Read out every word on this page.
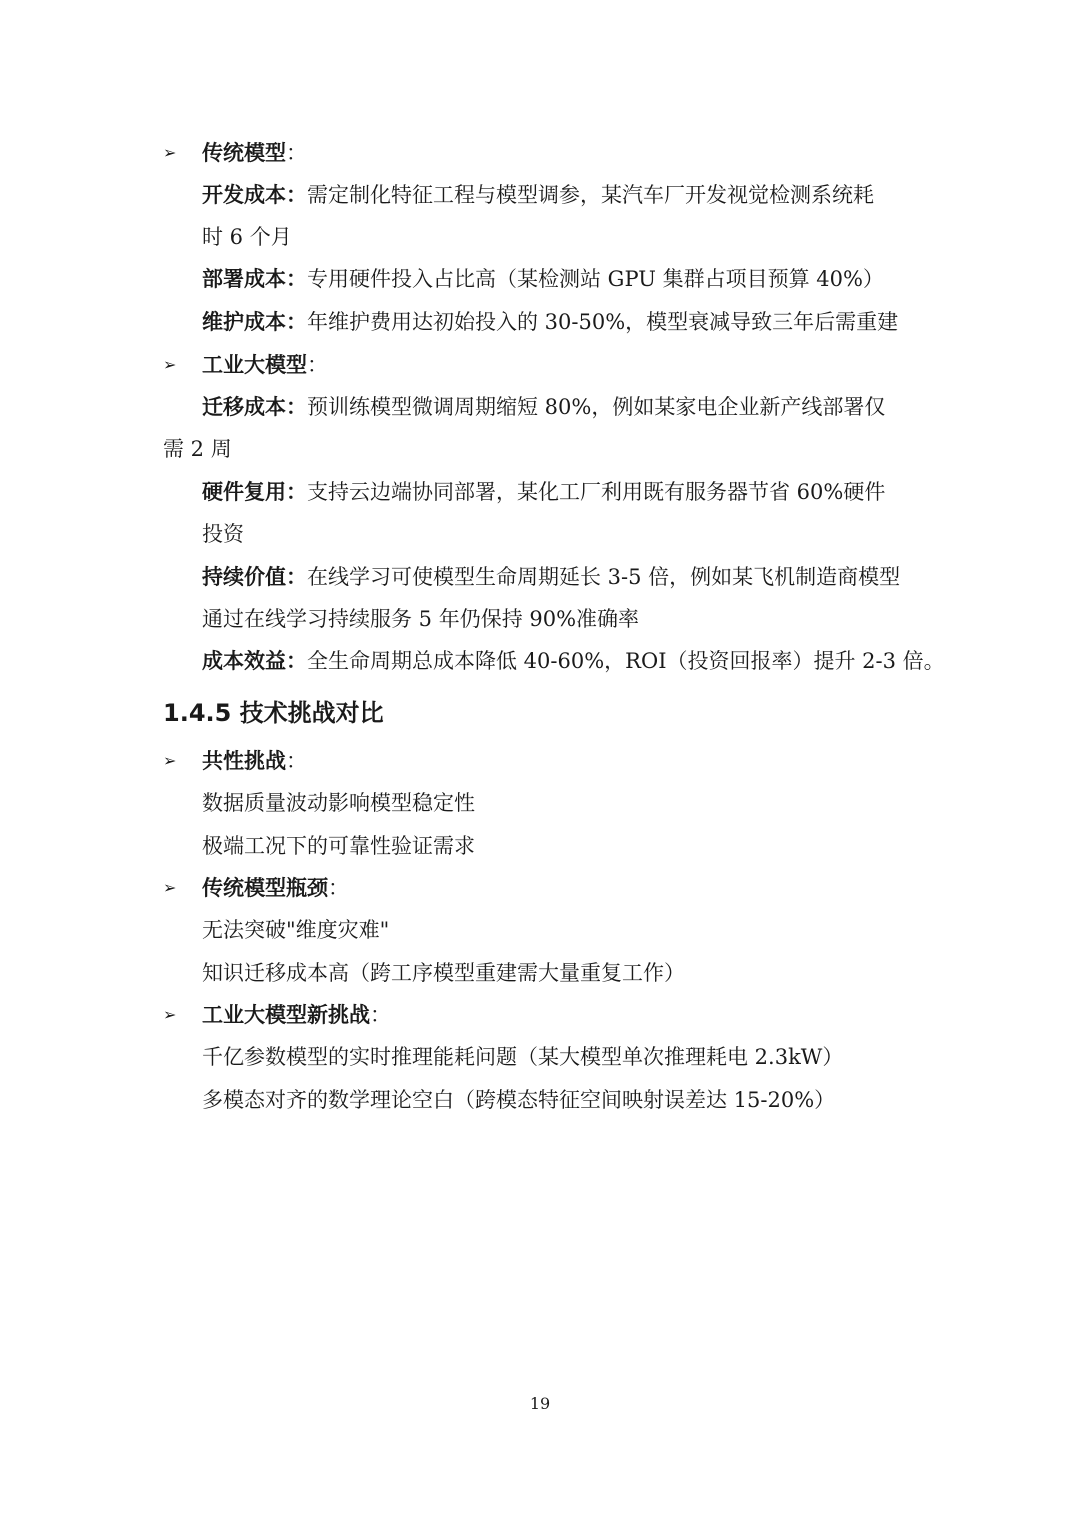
➢ 传统模型：
开发成本：需定制化特征工程与模型调参，某汽车厂开发视觉检测系统耗
时 6 个月
部署成本：专用硬件投入占比高（某检测站 GPU 集群占项目预算 40%）
维护成本：年维护费用达初始投入的 30-50%，模型衰减导致三年后需重建
➢ 工业大模型：
迁移成本：预训练模型微调周期缩短 80%，例如某家电企业新产线部署仅
需 2 周
硬件复用：支持云边端协同部署，某化工厂利用既有服务器节省 60%硬件
投资
持续价值：在线学习可使模型生命周期延长 3-5 倍，例如某飞机制造商模型
通过在线学习持续服务 5 年仍保持 90%准确率
成本效益：全生命周期总成本降低 40-60%，ROI（投资回报率）提升 2-3 倍。
1.4.5 技术挑战对比
➢ 共性挑战：
数据质量波动影响模型稳定性
极端工况下的可靠性验证需求
➢ 传统模型瓶颈：
无法突破"维度灾难"
知识迁移成本高（跨工序模型重建需大量重复工作）
➢ 工业大模型新挑战：
千亿参数模型的实时推理能耗问题（某大模型单次推理耗电 2.3kW）
多模态对齐的数学理论空白（跨模态特征空间映射误差达 15-20%）
19
